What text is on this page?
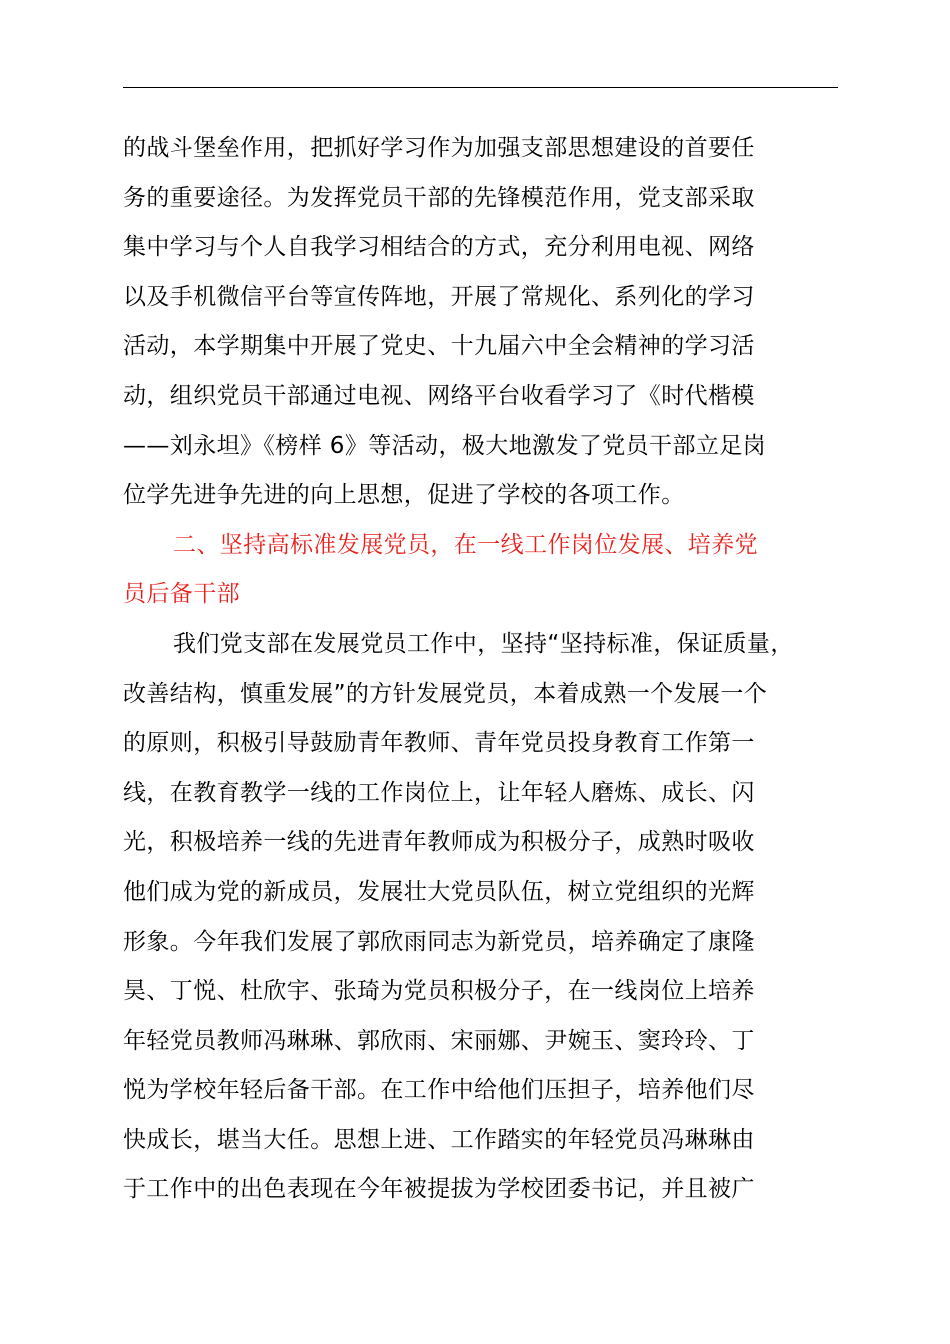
的战斗堡垒作用，把抓好学习作为加强支部思想建设的首要任
务的重要途径。为发挥党员干部的先锋模范作用，党支部采取
集中学习与个人自我学习相结合的方式，充分利用电视、网络
以及手机微信平台等宣传阵地，开展了常规化、系列化的学习
活动，本学期集中开展了党史、十九届六中全会精神的学习活
动，组织党员干部通过电视、网络平台收看学习了《时代楷模
——刘永坦》《榜样 6》等活动，极大地激发了党员干部立足岗
位学先进争先进的向上思想，促进了学校的各项工作。
二、坚持高标准发展党员，在一线工作岗位发展、培养党
员后备干部
我们党支部在发展党员工作中，坚持“坚持标准，保证质量，
改善结构，慎重发展”的方针发展党员，本着成熟一个发展一个
的原则，积极引导鼓励青年教师、青年党员投身教育工作第一
线，在教育教学一线的工作岗位上，让年轻人磨炼、成长、闪
光，积极培养一线的先进青年教师成为积极分子，成熟时吸收
他们成为党的新成员，发展壮大党员队伍，树立党组织的光辉
形象。今年我们发展了郭欣雨同志为新党员，培养确定了康隆
昊、丁悦、杜欣宇、张琦为党员积极分子，在一线岗位上培养
年轻党员教师冯琳琳、郭欣雨、宋丽娜、尹婉玉、窦玲玲、丁
悦为学校年轻后备干部。在工作中给他们压担子，培养他们尽
快成长，堪当大任。思想上进、工作踏实的年轻党员冯琳琳由
于工作中的出色表现在今年被提拔为学校团委书记，并且被广
